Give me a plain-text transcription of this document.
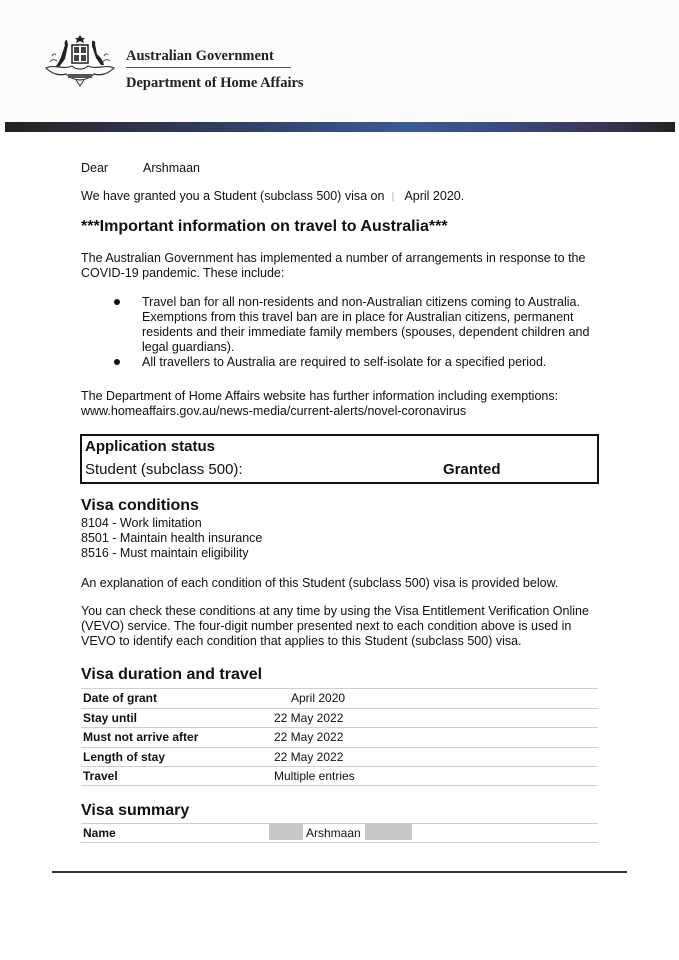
Australian Government
Department of Home Affairs
Dear	Arshmaan
We have granted you a Student (subclass 500) visa on April 2020.
***Important information on travel to Australia***
The Australian Government has implemented a number of arrangements in response to the COVID-19 pandemic. These include:
Travel ban for all non-residents and non-Australian citizens coming to Australia. Exemptions from this travel ban are in place for Australian citizens, permanent residents and their immediate family members (spouses, dependent children and legal guardians).
All travellers to Australia are required to self-isolate for a specified period.
The Department of Home Affairs website has further information including exemptions:
www.homeaffairs.gov.au/news-media/current-alerts/novel-coronavirus
Application status
Student (subclass 500):	Granted
Visa conditions
8104 - Work limitation
8501 - Maintain health insurance
8516 - Must maintain eligibility
An explanation of each condition of this Student (subclass 500) visa is provided below.
You can check these conditions at any time by using the Visa Entitlement Verification Online (VEVO) service. The four-digit number presented next to each condition above is used in VEVO to identify each condition that applies to this Student (subclass 500) visa.
Visa duration and travel
Date of grant	April 2020
Stay until	22 May 2022
Must not arrive after	22 May 2022
Length of stay	22 May 2022
Travel	Multiple entries
Visa summary
Name	Arshmaan
